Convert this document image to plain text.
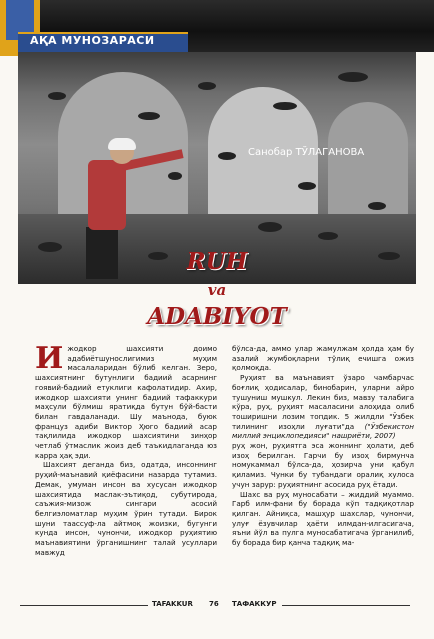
АҚА МУНОЗАРАСИ
Санобар ТЎЛАГАНОВА
RUH
va
ADABIYOT
И жодкор шахсияти доимо адабиётшунослигимиз муҳим масалаларидан бўлиб келган. Зеро, шахсиятнинг бутунлиги бадиий асарнинг гоявий-бадиий етуклиги кафолатидир. Ахир, ижодкор шахсияти унинг бадиий тафаккури маҳсули бўлмиш яратиқда бутун бўй-басти билан гавдаланади. Шу маънода, буюк француз адиби Виктор Ҳюго бадиий асар тақлилида ижодкор шахсиятини зинҳор четлаб ўтмаслик жоиз деб таъкидлаганда юз карра ҳақ эди.

Шахсият деганда биз, одатда, инсоннинг руҳий-маънавий қиёфасини назарда тутамиз. Демак, умуман инсон ва хусусан ижодкор шахсиятида маслак-эътиқод, субутирода, саъжия-мизож сингари асосий белгиэломатлар муҳим ўрин тутади. Бирок шуни таассуф-ла айтмоқ жоизки, бугунги кунда инсон, чунончи, ижодкор руҳиятию маънавиятини ўрганишнинг талай усуллари мавжуд

бўлса-да, аммо улар жамулжам ҳолда ҳам бу азалий жумбоқларни тўлиқ ечишга ожиз қолмоқда.

Руҳият ва маънавият ўзаро чамбарчас боғлиқ ҳодисалар, бинобарин, уларни айро тушуниш мушкул. Лекин биз, мавзу талабига кўра, руҳ, руҳият масаласини алоҳида олиб тоширишни лозим топдик. 5 жилдли "Ўзбек тилининг изоҳли луғати"да ("Ўзбекистон миллий энциклопедияси" нашриёти, 2007)

руҳ жон, руҳиятга эса жоннинг ҳолати, деб изоҳ берилган. Гарчи бу изоҳ бирмунча номукаммал бўлса-да, ҳозирча уни қабул қиламиз. Чунки бу тубандаги оралиқ хулоса учун зарур: руҳиятнинг асосида руҳ ётади.

Шахс ва руҳ муносабати – жиддий муаммо. Гарб илм-фани бу борада кўп тадқиқотлар қилган. Айниқса, машҳур шахслар, чунончи, улуғ ёзувчилар ҳаёти илмдан-илгасигача, яъни йўл ва пулга муносабатигача ўрганилиб, бу борада бир қанча тадқиқ ма-

TAFAKKUR 76 ТАФАККУР
